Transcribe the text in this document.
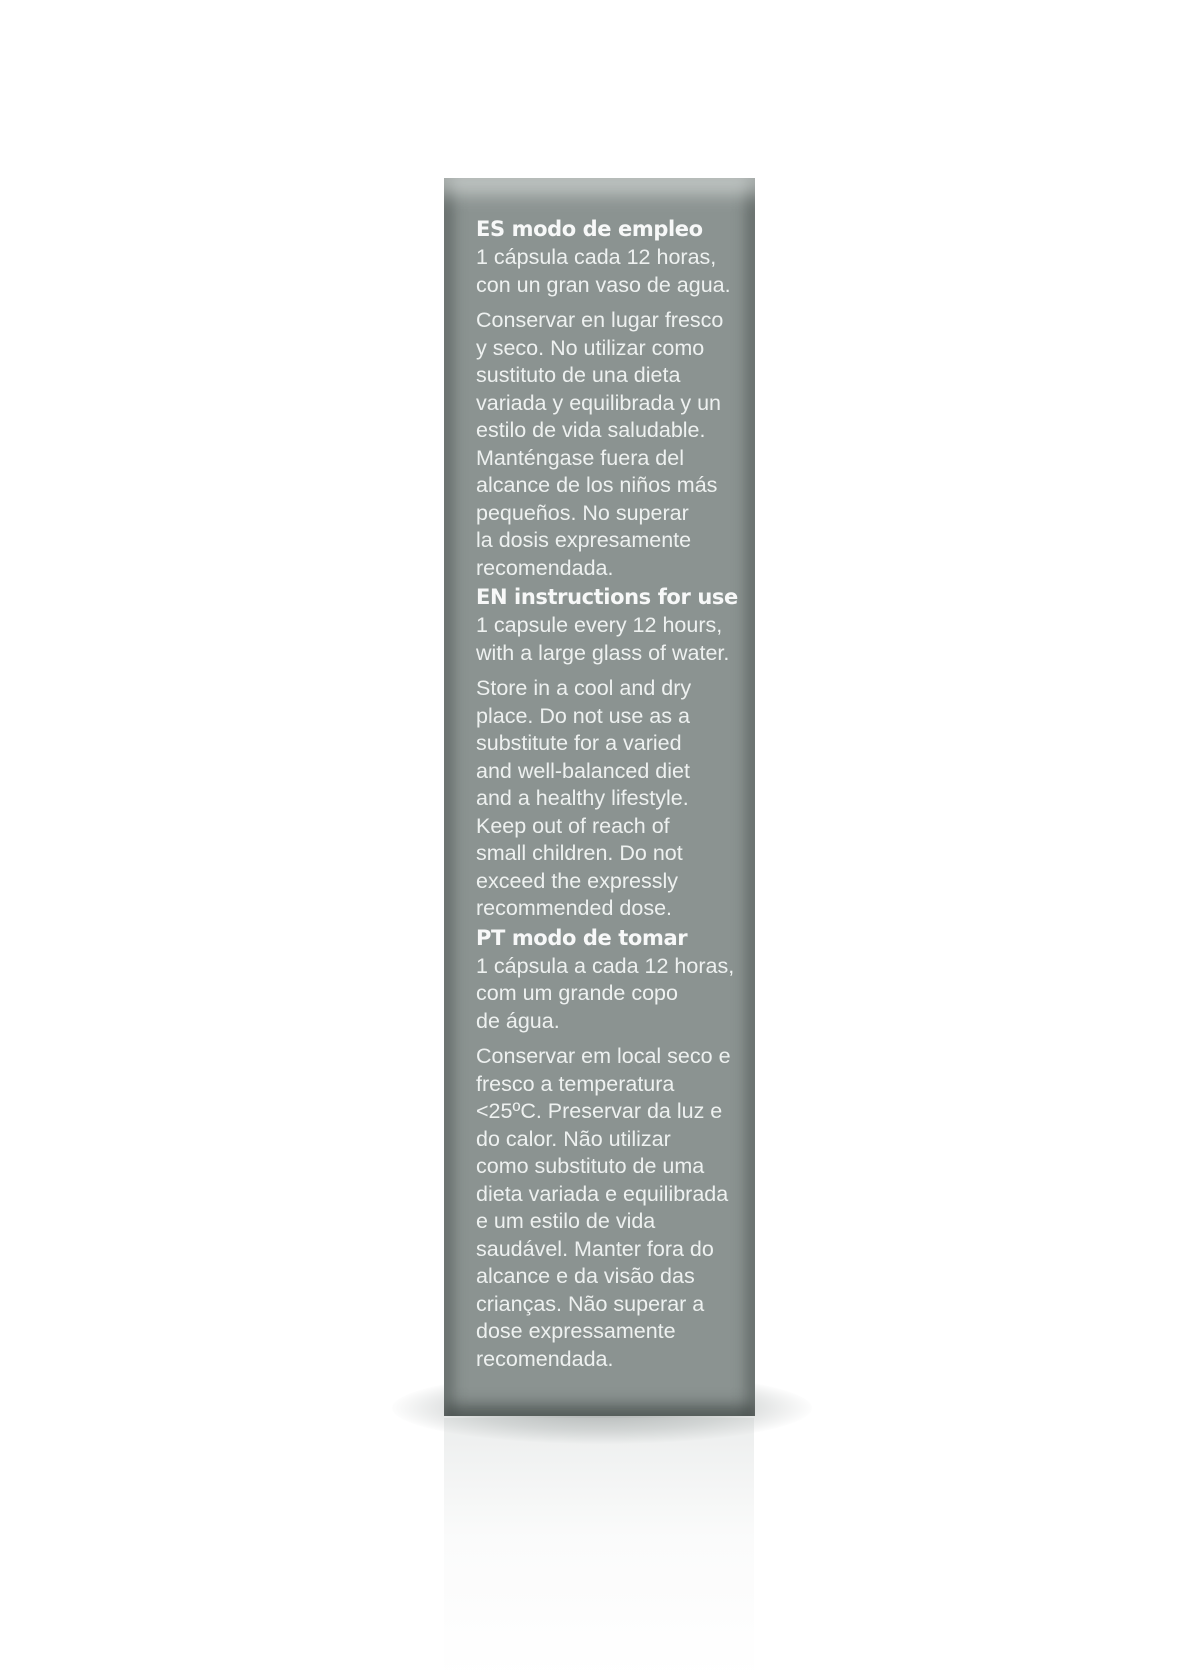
ES modo de empleo
1 cápsula cada 12 horas,
con un gran vaso de agua.
Conservar en lugar fresco
y seco. No utilizar como
sustituto de una dieta
variada y equilibrada y un
estilo de vida saludable.
Manténgase fuera del
alcance de los niños más
pequeños. No superar
la dosis expresamente
recomendada.
EN instructions for use
1 capsule every 12 hours,
with a large glass of water.
Store in a cool and dry
place. Do not use as a
substitute for a varied
and well-balanced diet
and a healthy lifestyle.
Keep out of reach of
small children. Do not
exceed the expressly
recommended dose.
PT modo de tomar
1 cápsula a cada 12 horas,
com um grande copo
de água.
Conservar em local seco e
fresco a temperatura
<25ºC. Preservar da luz e
do calor. Não utilizar
como substituto de uma
dieta variada e equilibrada
e um estilo de vida
saudável. Manter fora do
alcance e da visão das
crianças. Não superar a
dose expressamente
recomendada.
